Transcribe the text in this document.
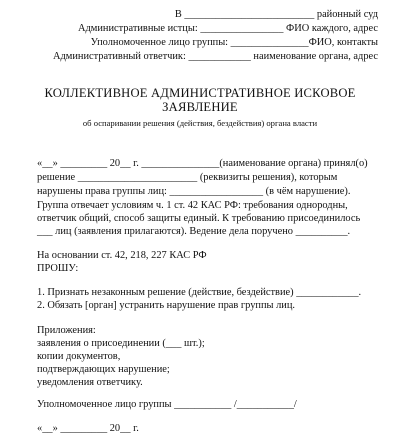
В _________________________ районный суд
Административные истцы: ________________ ФИО каждого, адрес
Уполномоченное лицо группы: _______________ФИО, контакты
Административный ответчик: ____________ наименование органа, адрес
КОЛЛЕКТИВНОЕ АДМИНИСТРАТИВНОЕ ИСКОВОЕ
ЗАЯВЛЕНИЕ
об оспаривании решения (действия, бездействия) органа власти
«__» _________ 20__ г. _______________(наименование органа) принял(о)
решение _______________________ (реквизиты решения), которым
нарушены права группы лиц: __________________ (в чём нарушение).
Группа отвечает условиям ч. 1 ст. 42 КАС РФ: требования однородны,
ответчик общий, способ защиты единый. К требованию присоединилось
___ лиц (заявления прилагаются). Ведение дела поручено __________.
На основании ст. 42, 218, 227 КАС РФ
ПРОШУ:
1. Признать незаконным решение (действие, бездействие) ____________.
2. Обязать [орган] устранить нарушение прав группы лиц.
Приложения:
заявления о присоединении (___ шт.);
копии документов,
подтверждающих нарушение;
уведомления ответчику.
Уполномоченное лицо группы ___________ /___________/
«__» _________ 20__ г.
